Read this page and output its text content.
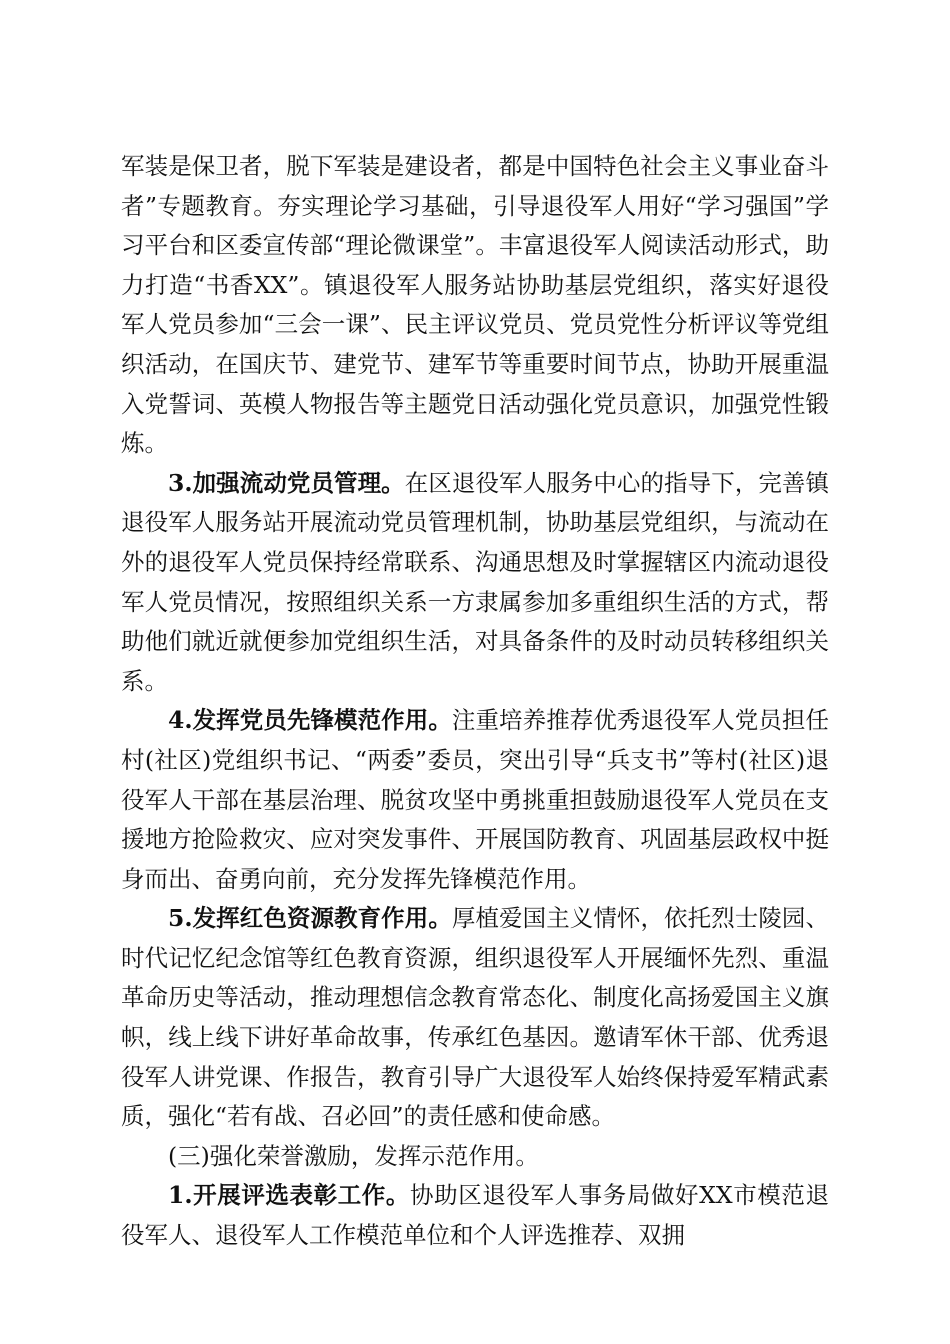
军装是保卫者，脱下军装是建设者，都是中国特色社会主义事业奋斗者”专题教育。夯实理论学习基础，引导退役军人用好“学习强国”学习平台和区委宣传部“理论微课堂”。丰富退役军人阅读活动形式，助力打造“书香XX”。镇退役军人服务站协助基层党组织，落实好退役军人党员参加“三会一课”、民主评议党员、党员党性分析评议等党组织活动，在国庆节、建党节、建军节等重要时间节点，协助开展重温入党誓词、英模人物报告等主题党日活动强化党员意识，加强党性锻炼。

3.加强流动党员管理。在区退役军人服务中心的指导下，完善镇退役军人服务站开展流动党员管理机制，协助基层党组织，与流动在外的退役军人党员保持经常联系、沟通思想及时掌握辖区内流动退役军人党员情况，按照组织关系一方隶属参加多重组织生活的方式，帮助他们就近就便参加党组织生活，对具备条件的及时动员转移组织关系。

4.发挥党员先锋模范作用。注重培养推荐优秀退役军人党员担任村(社区)党组织书记、“两委”委员，突出引导“兵支书”等村(社区)退役军人干部在基层治理、脱贫攻坚中勇挑重担鼓励退役军人党员在支援地方抢险救灾、应对突发事件、开展国防教育、巩固基层政权中挺身而出、奋勇向前，充分发挥先锋模范作用。

5.发挥红色资源教育作用。厚植爱国主义情怀，依托烈士陵园、时代记忆纪念馆等红色教育资源，组织退役军人开展缅怀先烈、重温革命历史等活动，推动理想信念教育常态化、制度化高扬爱国主义旗帜，线上线下讲好革命故事，传承红色基因。邀请军休干部、优秀退役军人讲党课、作报告，教育引导广大退役军人始终保持爱军精武素质，强化“若有战、召必回”的责任感和使命感。

(三)强化荣誉激励，发挥示范作用。

1.开展评选表彰工作。协助区退役军人事务局做好XX市模范退役军人、退役军人工作模范单位和个人评选推荐、双拥
